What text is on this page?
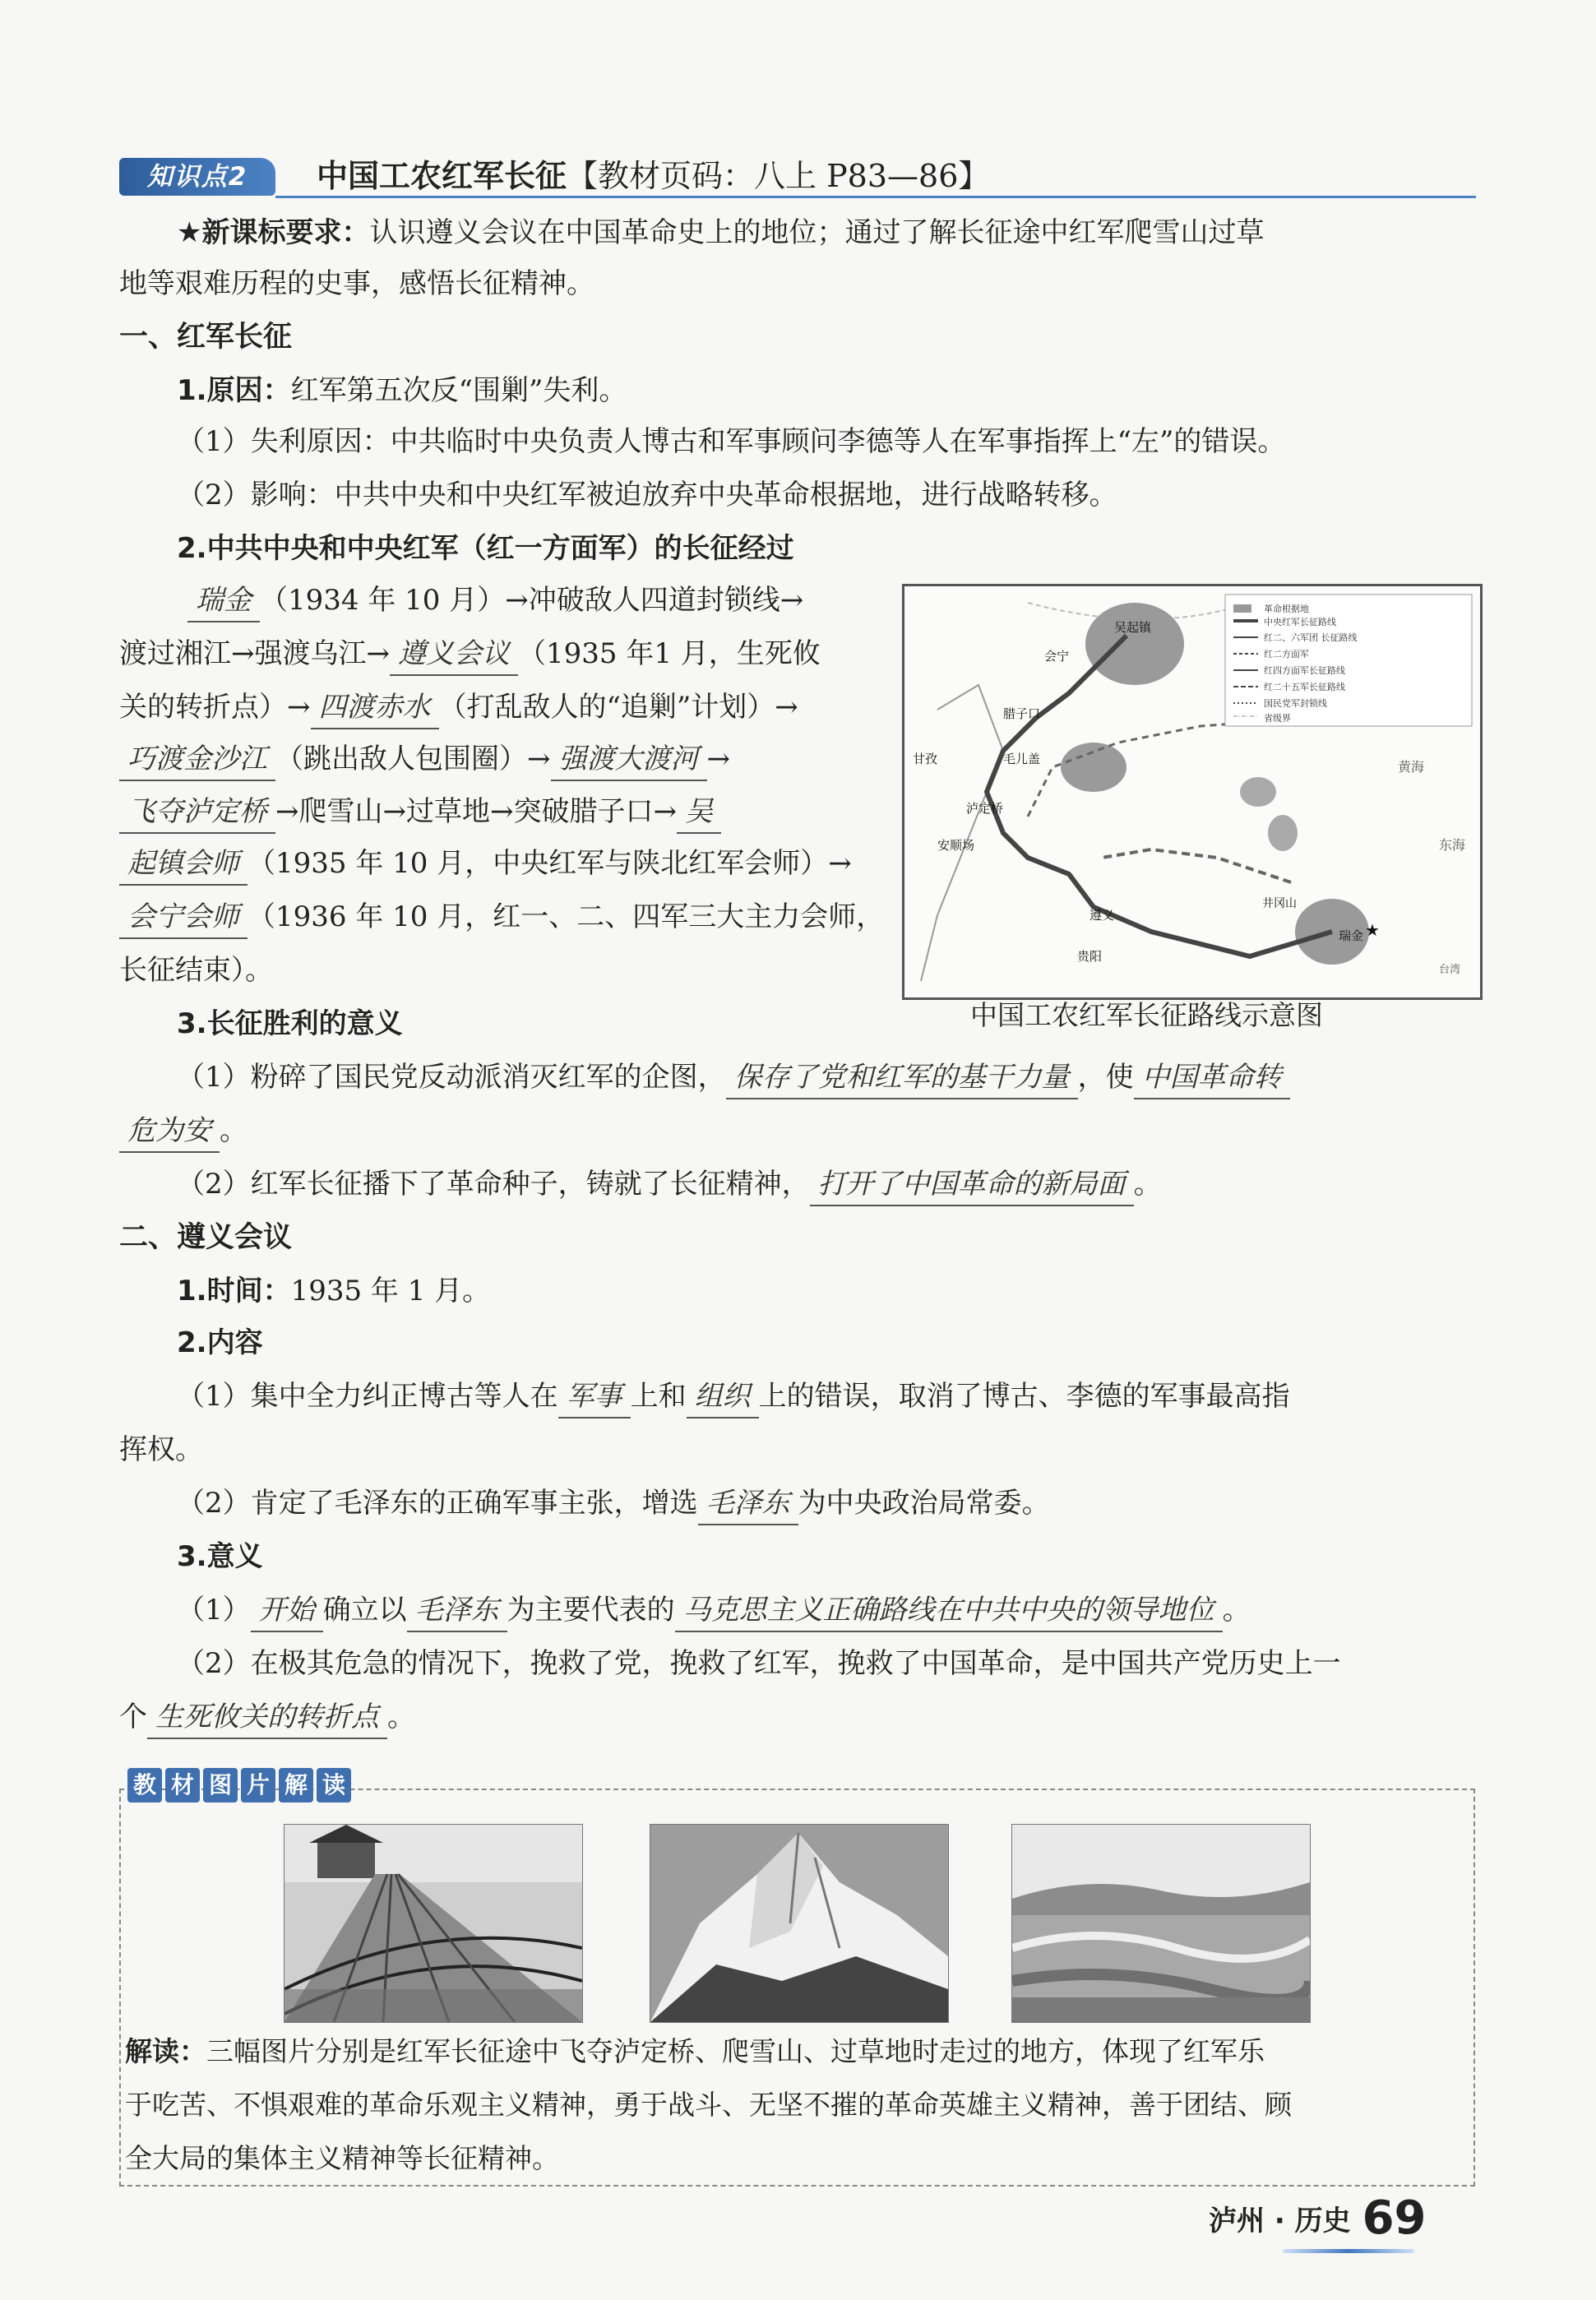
知识点2	中国工农红军长征【教材页码：八上 P83—86】
★新课标要求：认识遵义会议在中国革命史上的地位；通过了解长征途中红军爬雪山过草
地等艰难历程的史事，感悟长征精神。
一、红军长征
1.原因：红军第五次反“围剿”失利。
（1）失利原因：中共临时中央负责人博古和军事顾问李德等人在军事指挥上“左”的错误。
（2）影响：中共中央和中央红军被迫放弃中央革命根据地，进行战略转移。
2.中共中央和中央红军（红一方面军）的长征经过
瑞金 （1934 年 10 月）→冲破敌人四道封锁线→
渡过湘江→强渡乌江→ 遵义会议 （1935 年1 月，生死攸
关的转折点）→ 四渡赤水 （打乱敌人的“追剿”计划）→
巧渡金沙江 （跳出敌人包围圈）→ 强渡大渡河 →
飞夺泸定桥 →爬雪山→过草地→突破腊子口→ 吴
起镇会师 （1935 年 10 月，中央红军与陕北红军会师）→
会宁会师 （1936 年 10 月，红一、二、四军三大主力会师，
长征结束）。
革命根据地
中央红军长征路线
红二、六军团 长征路线
红二方面军
红四方面军长征路线
红二十五军长征路线
国民党军封锁线
省级界
吴起镇
会宁
腊子口
毛儿盖
甘孜
泸定桥
安顺场
遵义
贵阳
瑞金
井冈山
黄海
东海
台湾
★
中国工农红军长征路线示意图
3.长征胜利的意义
（1）粉碎了国民党反动派消灭红军的企图， 保存了党和红军的基干力量 ，使 中国革命转
危为安 。
（2）红军长征播下了革命种子，铸就了长征精神， 打开了中国革命的新局面 。
二、遵义会议
1.时间：1935 年 1 月。
2.内容
（1）集中全力纠正博古等人在 军事 上和 组织 上的错误，取消了博古、李德的军事最高指
挥权。
（2）肯定了毛泽东的正确军事主张，增选 毛泽东 为中央政治局常委。
3.意义
（1） 开始 确立以 毛泽东 为主要代表的 马克思主义正确路线在中共中央的领导地位 。
（2）在极其危急的情况下，挽救了党，挽救了红军，挽救了中国革命，是中国共产党历史上一
个 生死攸关的转折点 。
教 材 图 片 解 读
解读：三幅图片分别是红军长征途中飞夺泸定桥、爬雪山、过草地时走过的地方，体现了红军乐
于吃苦、不惧艰难的革命乐观主义精神，勇于战斗、无坚不摧的革命英雄主义精神，善于团结、顾
全大局的集体主义精神等长征精神。
泸州 · 历史 69
